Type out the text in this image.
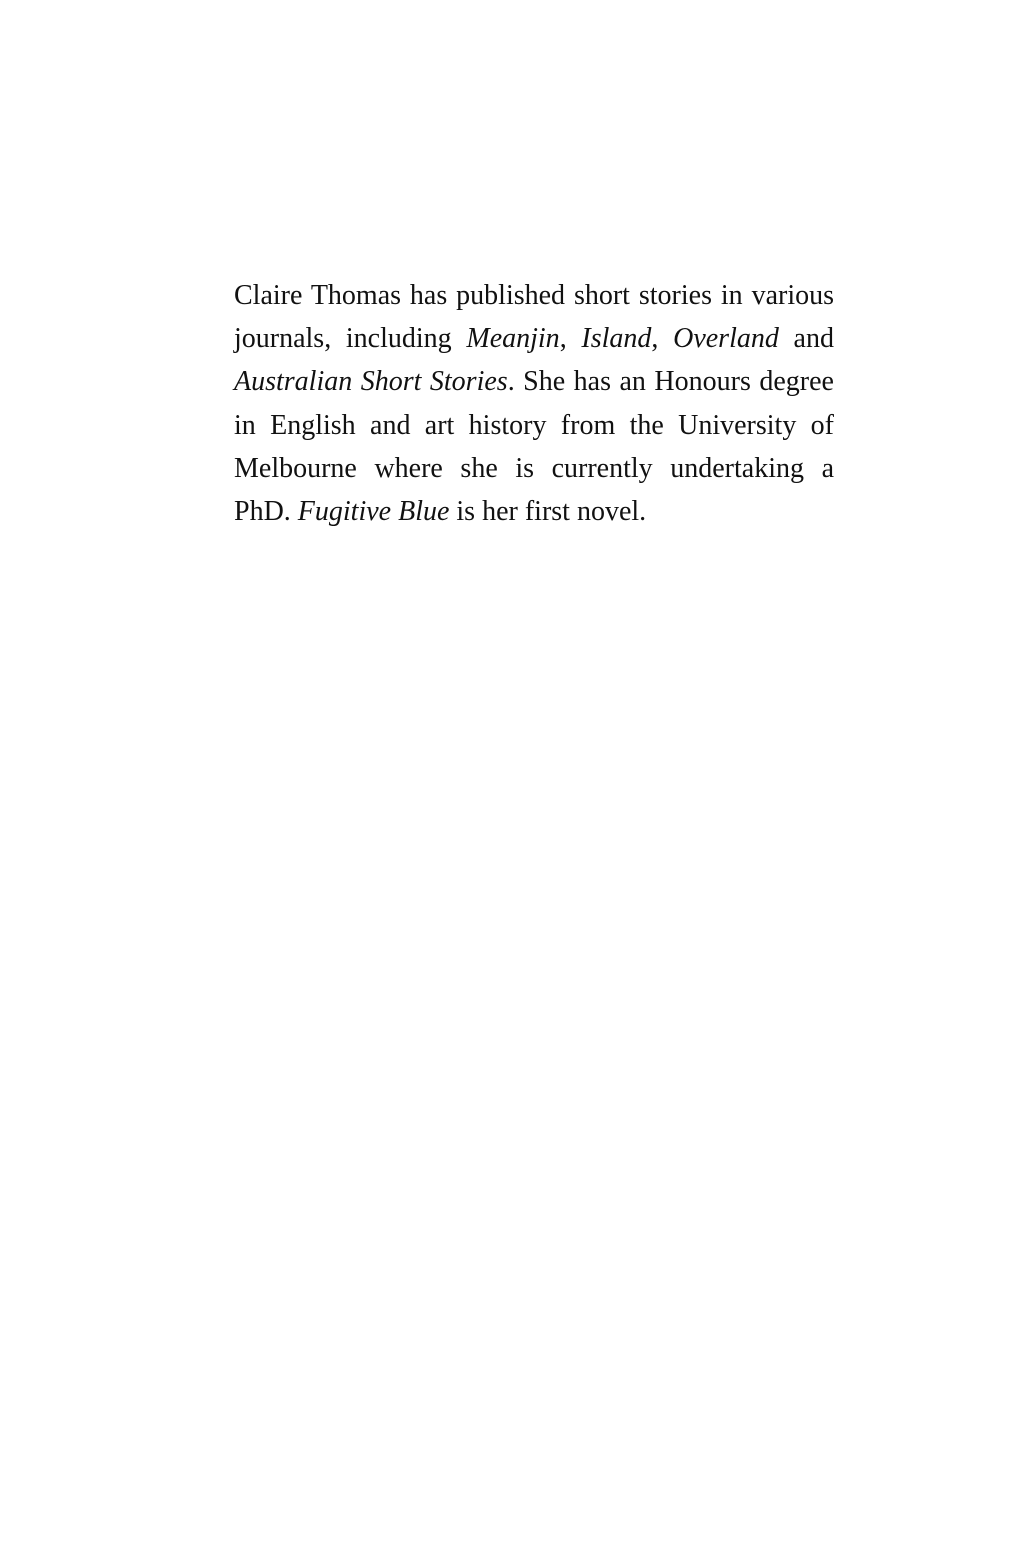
Claire Thomas has published short stories in various journals, including Meanjin, Island, Overland and Australian Short Stories. She has an Honours degree in English and art history from the University of Melbourne where she is currently undertaking a PhD. Fugitive Blue is her first novel.
